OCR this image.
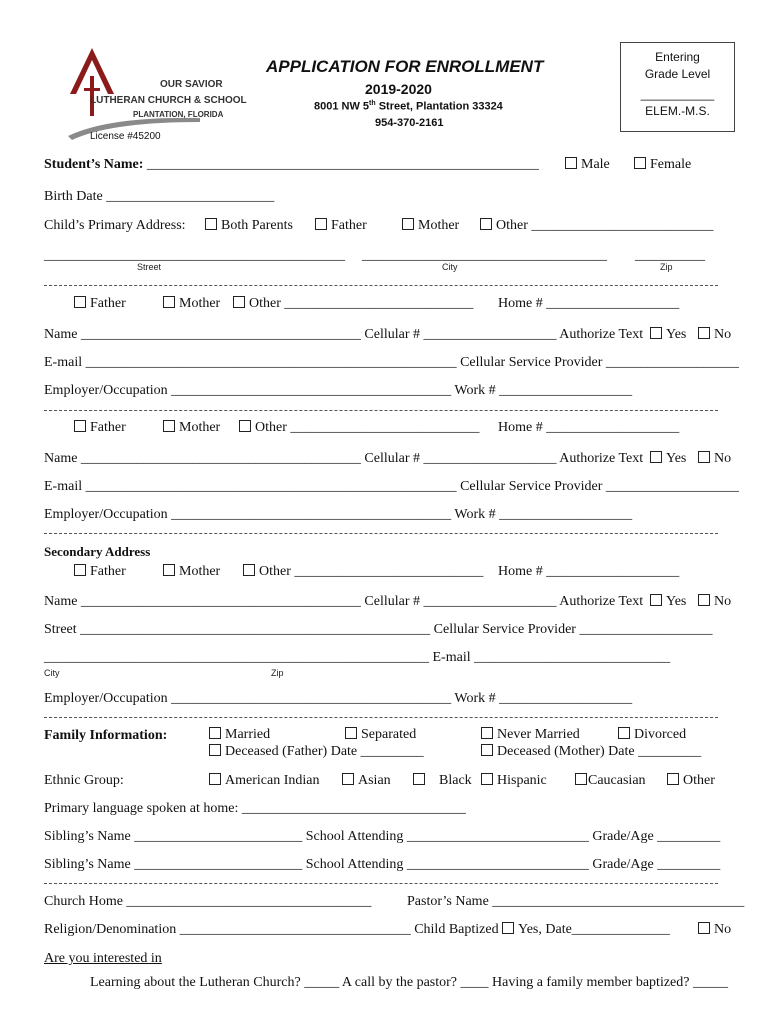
OUR SAVIOR
LUTHERAN CHURCH & SCHOOL
PLANTATION, FLORIDA
License #45200
APPLICATION FOR ENROLLMENT
2019-2020
8001 NW 5th Street, Plantation 33324
954-370-2161
Entering
Grade Level
___________
ELEM.-M.S.
Student’s Name: ________________________________________________________	Male	Female
Birth Date ________________________
Child’s Primary Address:	Both Parents	Father	Mother	Other __________________________
___________________________________________ ___________________________________ __________
Street	City	Zip
Father	Mother	Other ___________________________ Home # ___________________
Name ________________________________________ Cellular # ___________________ Authorize Text	Yes	No
E-mail _____________________________________________________ Cellular Service Provider ___________________
Employer/Occupation ________________________________________ Work # ___________________
Father	Mother	Other ___________________________ Home # ___________________
Name ________________________________________ Cellular # ___________________ Authorize Text	Yes	No
E-mail _____________________________________________________ Cellular Service Provider ___________________
Employer/Occupation ________________________________________ Work # ___________________
Secondary Address
Father	Mother	Other ___________________________ Home # ___________________
Name ________________________________________ Cellular # ___________________ Authorize Text	Yes	No
Street __________________________________________________ Cellular Service Provider ___________________
_______________________________________________________ E-mail ____________________________
City	Zip
Employer/Occupation ________________________________________ Work # ___________________
Family Information:	Married	Separated	Never Married	Divorced
Deceased (Father) Date _________	Deceased (Mother) Date _________
Ethnic Group:	American Indian	Asian	Black	Hispanic	Caucasian	Other
Primary language spoken at home: ________________________________
Sibling’s Name ________________________ School Attending __________________________ Grade/Age _________
Sibling’s Name ________________________ School Attending __________________________ Grade/Age _________
Church Home ___________________________________	Pastor’s Name ____________________________________
Religion/Denomination _________________________________ Child Baptized	Yes, Date______________	No
Are you interested in
Learning about the Lutheran Church? _____ A call by the pastor? ____ Having a family member baptized? _____
